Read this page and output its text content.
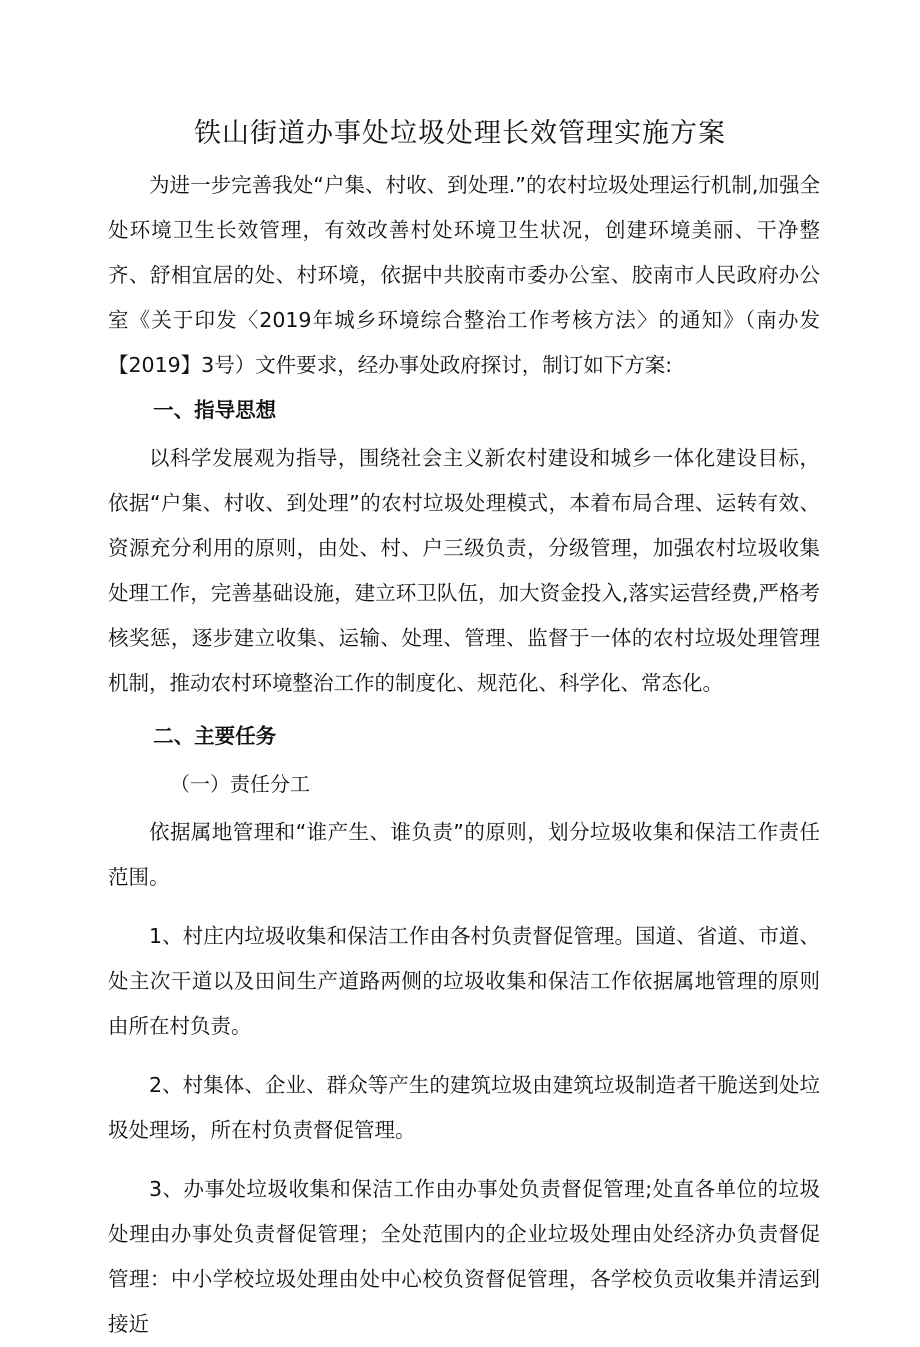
铁山街道办事处垃圾处理长效管理实施方案

为进一步完善我处“户集、村收、到处理.”的农村垃圾处理运行机制,加强全处环境卫生长效管理，有效改善村处环境卫生状况，创建环境美丽、干净整齐、舒相宜居的处、村环境，依据中共胶南市委办公室、胶南市人民政府办公室《关于印发〈2019年城乡环境综合整治工作考核方法〉的通知》（南办发【2019】3号）文件要求，经办事处政府探讨，制订如下方案:

一、指导思想

以科学发展观为指导，围绕社会主义新农村建设和城乡一体化建设目标，依据“户集、村收、到处理”的农村垃圾处理模式，本着布局合理、运转有效、资源充分利用的原则，由处、村、户三级负责，分级管理，加强农村垃圾收集处理工作，完善基础设施，建立环卫队伍，加大资金投入,落实运营经费,严格考核奖惩，逐步建立收集、运输、处理、管理、监督于一体的农村垃圾处理管理机制，推动农村环境整治工作的制度化、规范化、科学化、常态化。

二、主要任务

（一）责任分工

依据属地管理和“谁产生、谁负责”的原则，划分垃圾收集和保洁工作责任范围。

1、村庄内垃圾收集和保洁工作由各村负责督促管理。国道、省道、市道、处主次干道以及田间生产道路两侧的垃圾收集和保洁工作依据属地管理的原则由所在村负责。

2、村集体、企业、群众等产生的建筑垃圾由建筑垃圾制造者干脆送到处垃圾处理场，所在村负责督促管理。

3、办事处垃圾收集和保洁工作由办事处负责督促管理;处直各单位的垃圾处理由办事处负责督促管理；全处范围内的企业垃圾处理由处经济办负责督促管理：中小学校垃圾处理由处中心校负资督促管理，各学校负贡收集并清运到接近
